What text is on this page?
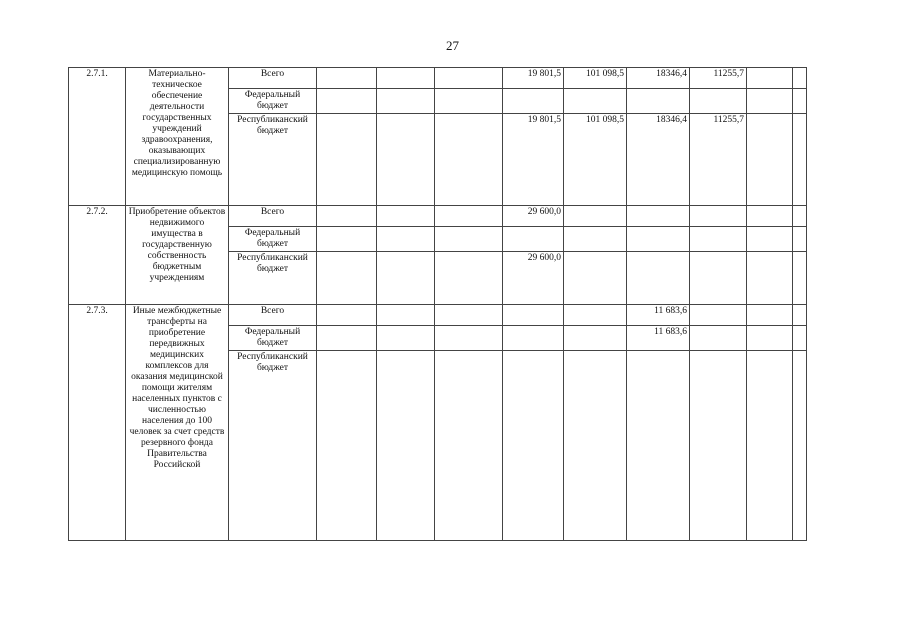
27
2.7.1.	Материально-техническое обеспечение деятельности государственных учреждений здравоохранения, оказывающих специализированную медицинскую помощь	Всего				19 801,5	101 098,5	18346,4	11255,7		
		Федеральный бюджет									
		Республиканский бюджет				19 801,5	101 098,5	18346,4	11255,7		
2.7.2.	Приобретение объектов недвижимого имущества в государственную собственность бюджетным учреждениям	Всего				29 600,0					
		Федеральный бюджет									
		Республиканский бюджет				29 600,0					
2.7.3.	Иные межбюджетные трансферты на приобретение передвижных медицинских комплексов для оказания медицинской помощи жителям населенных пунктов с численностью населения до 100 человек за счет средств резервного фонда Правительства Российской	Всего						11 683,6			
		Федеральный бюджет						11 683,6			
		Республиканский бюджет									
